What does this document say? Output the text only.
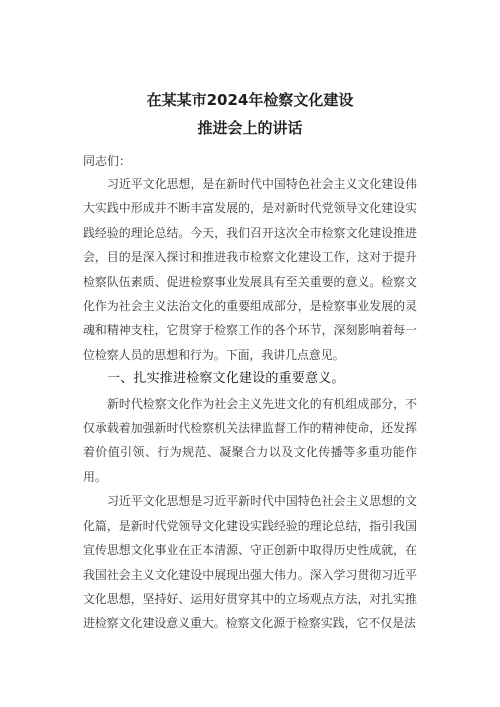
在某某市2024年检察文化建设
推进会上的讲话

同志们：

习近平文化思想，是在新时代中国特色社会主义文化建设伟大实践中形成并不断丰富发展的，是对新时代党领导文化建设实践经验的理论总结。今天，我们召开这次全市检察文化建设推进会，目的是深入探讨和推进我市检察文化建设工作，这对于提升检察队伍素质、促进检察事业发展具有至关重要的意义。检察文化作为社会主义法治文化的重要组成部分，是检察事业发展的灵魂和精神支柱，它贯穿于检察工作的各个环节，深刻影响着每一位检察人员的思想和行为。下面，我讲几点意见。

一、扎实推进检察文化建设的重要意义。

新时代检察文化作为社会主义先进文化的有机组成部分，不仅承载着加强新时代检察机关法律监督工作的精神使命，还发挥着价值引领、行为规范、凝聚合力以及文化传播等多重功能作用。

习近平文化思想是习近平新时代中国特色社会主义思想的文化篇，是新时代党领导文化建设实践经验的理论总结，指引我国宣传思想文化事业在正本清源、守正创新中取得历史性成就，在我国社会主义文化建设中展现出强大伟力。深入学习贯彻习近平文化思想，坚持好、运用好贯穿其中的立场观点方法，对扎实推进检察文化建设意义重大。检察文化源于检察实践，它不仅是法
